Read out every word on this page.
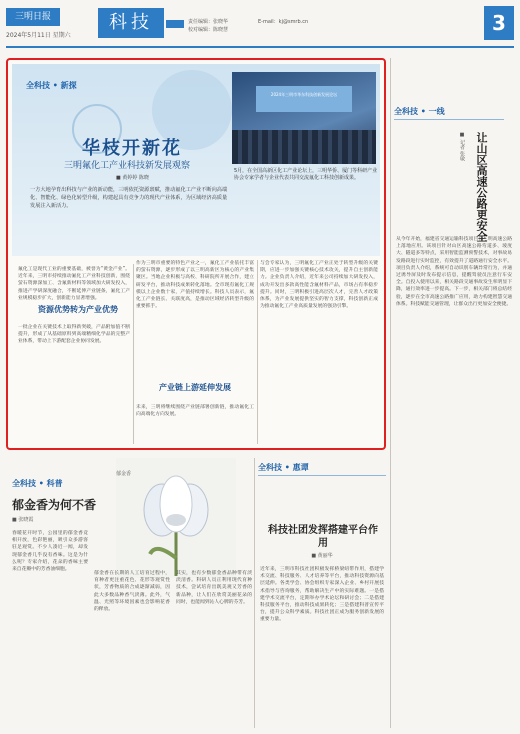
三明日报
2024年5月11日 星期六
科技	责任编辑：张晓华
校对编辑：陈晓慧
E-mail：kj@smrb.cn	3
2024年三明市华东科技创新发展论坛
全科技 • 新探
华枝开新花
三明氟化工产业科技新发展观察
■ 黄婷婷 陈晓
一方大地孕育出科技与产业的新动能，三明依托资源禀赋，推动氟化工产业不断向高端化、智能化、绿色化转型升级，构建起具有竞争力的现代产业体系，为区域经济高质量发展注入新活力。
5月，在全国高新区化工产业论坛上，三明华侨、厦门等科研产业协会专家学者与企业代表共同交流氟化工科技创新成果。
氟化工是现代工业的重要基础，被誉为“黄金产业”。近年来，三明市持续推动氟化工产业科技创新，围绕萤石资源深加工、含氟新材料等领域加大研发投入，推进产学研深度融合，不断延伸产业链条，氟化工产业规模稳步扩大，创新能力显著增强。
资源优势转为产业优势
一批企业在关键技术上取得新突破，产品附加值不断提升，形成了从基础原料到高端精细化学品的完整产业体系，带动上下游配套企业协同发展。
作为三明市重要的特色产业之一，氟化工产业依托丰富的萤石资源，逐步形成了以三明高新区为核心的产业集聚区。当地企业积极与高校、科研院所开展合作，建立研发平台，推动科技成果转化落地。全市现有氟化工规模以上企业数十家，产值持续增长。科技人员表示，氟化工产业链长、关联度高，是推动区域经济转型升级的重要抓手。
产业链上游延伸发展
未来，三明将继续围绕产业链部署创新链，推动氟化工向高端化方向发展。
与会专家认为，三明氟化工产业正处于转型升级的关键期，应进一步加强关键核心技术攻关，提升自主创新能力。企业负责人介绍，近年来公司持续加大研发投入，成功开发出多款高性能含氟材料产品，市场占有率稳步提升。同时，三明积极引进高层次人才，完善人才政策体系，为产业发展提供坚实的智力支撑，科技创新正成为推动氟化工产业高质量发展的强劲引擎。
全科技 • 一线
让山区高速公路更安全
■ 记者 张敏
从今年开始，福建省交通运输科技项目在三明高速公路上落地应用。该项目针对山区高速公路弯道多、坡度大、隧道多等特点，采用智能监测预警技术，对事故易发路段进行实时监控，有效提升了道路通行安全水平。项目负责人介绍，系统可自动识别车辆异常行为，并通过诱导屏及时发布提示信息，提醒驾驶员注意行车安全。自投入使用以来，相关路段交通事故发生率明显下降，通行效率进一步提高。下一步，相关部门将总结经验，逐步在全市高速公路推广应用，助力构建智慧交通体系。科技赋能交通管理，让群众出行更加安全便捷。
郁金香
全科技 • 科普
郁金香为何不香
■ 张晓霞
春暖花开时节，公园里的郁金香竞相开放，色彩艳丽，吸引众多游客驻足观赏。不少人凑近一闻，却发现郁金香几乎没有香味。这是为什么呢？专家介绍，花朵的香味主要来自花瓣中的芳香油细胞。
郁金香在长期的人工培育过程中，育种者更注重花色、花形等观赏性状，芳香物质的合成逐渐减弱，因此大多数品种香气淡薄。此外，气温、光照等环境因素也会影响花香的释放。
其实，也有少数郁金香品种带有淡淡清香。科研人员正利用现代育种技术，尝试培育出既美观又芳香的新品种，让人们在欣赏美丽花朵的同时，也能闻到沁人心脾的芬芳。
全科技 • 惠谭
科技社团发挥搭建平台作用
■ 黄丽华
近年来，三明市科技社团积极发挥桥梁纽带作用，搭建学术交流、科技服务、人才培养等平台，推动科技资源向基层延伸。各类学会、协会组织专家深入企业、乡村开展技术指导与咨询服务，帮助解决生产中的实际难题。一是搭建学术交流平台，定期举办学术论坛和研讨会；二是搭建科技服务平台，推动科技成果转化；三是搭建科普宣传平台，提升公众科学素质。科技社团正成为服务创新发展的重要力量。
